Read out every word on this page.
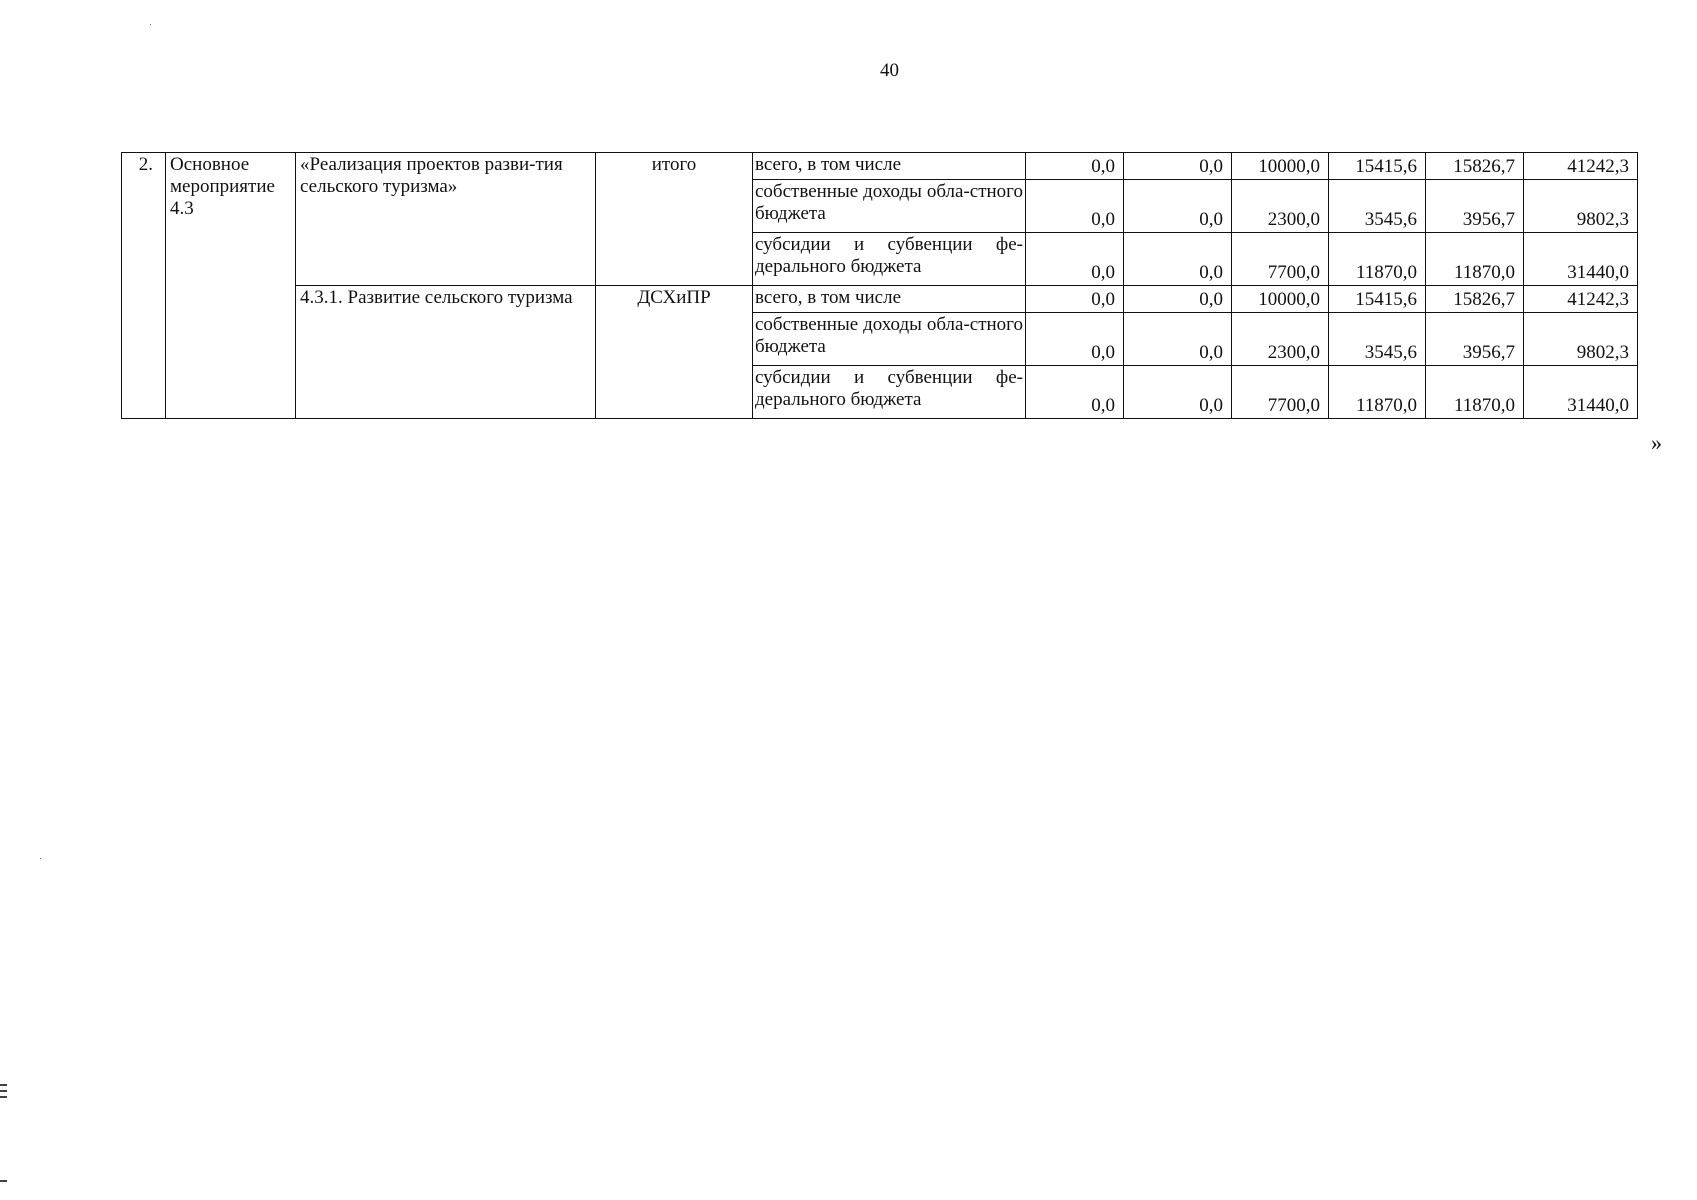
40
2.	Основное мероприятие 4.3	«Реализация проектов разви-тия сельского туризма»	итого	всего, в том числе	0,0	0,0	10000,0	15415,6	15826,7	41242,3
				собственные доходы обла-стного бюджета	0,0	0,0	2300,0	3545,6	3956,7	9802,3
				субсидии и субвенции фе-дерального бюджета	0,0	0,0	7700,0	11870,0	11870,0	31440,0
		4.3.1. Развитие сельского туризма	ДСХиПР	всего, в том числе	0,0	0,0	10000,0	15415,6	15826,7	41242,3
				собственные доходы обла-стного бюджета	0,0	0,0	2300,0	3545,6	3956,7	9802,3
				субсидии и субвенции фе-дерального бюджета	0,0	0,0	7700,0	11870,0	11870,0	31440,0
»
